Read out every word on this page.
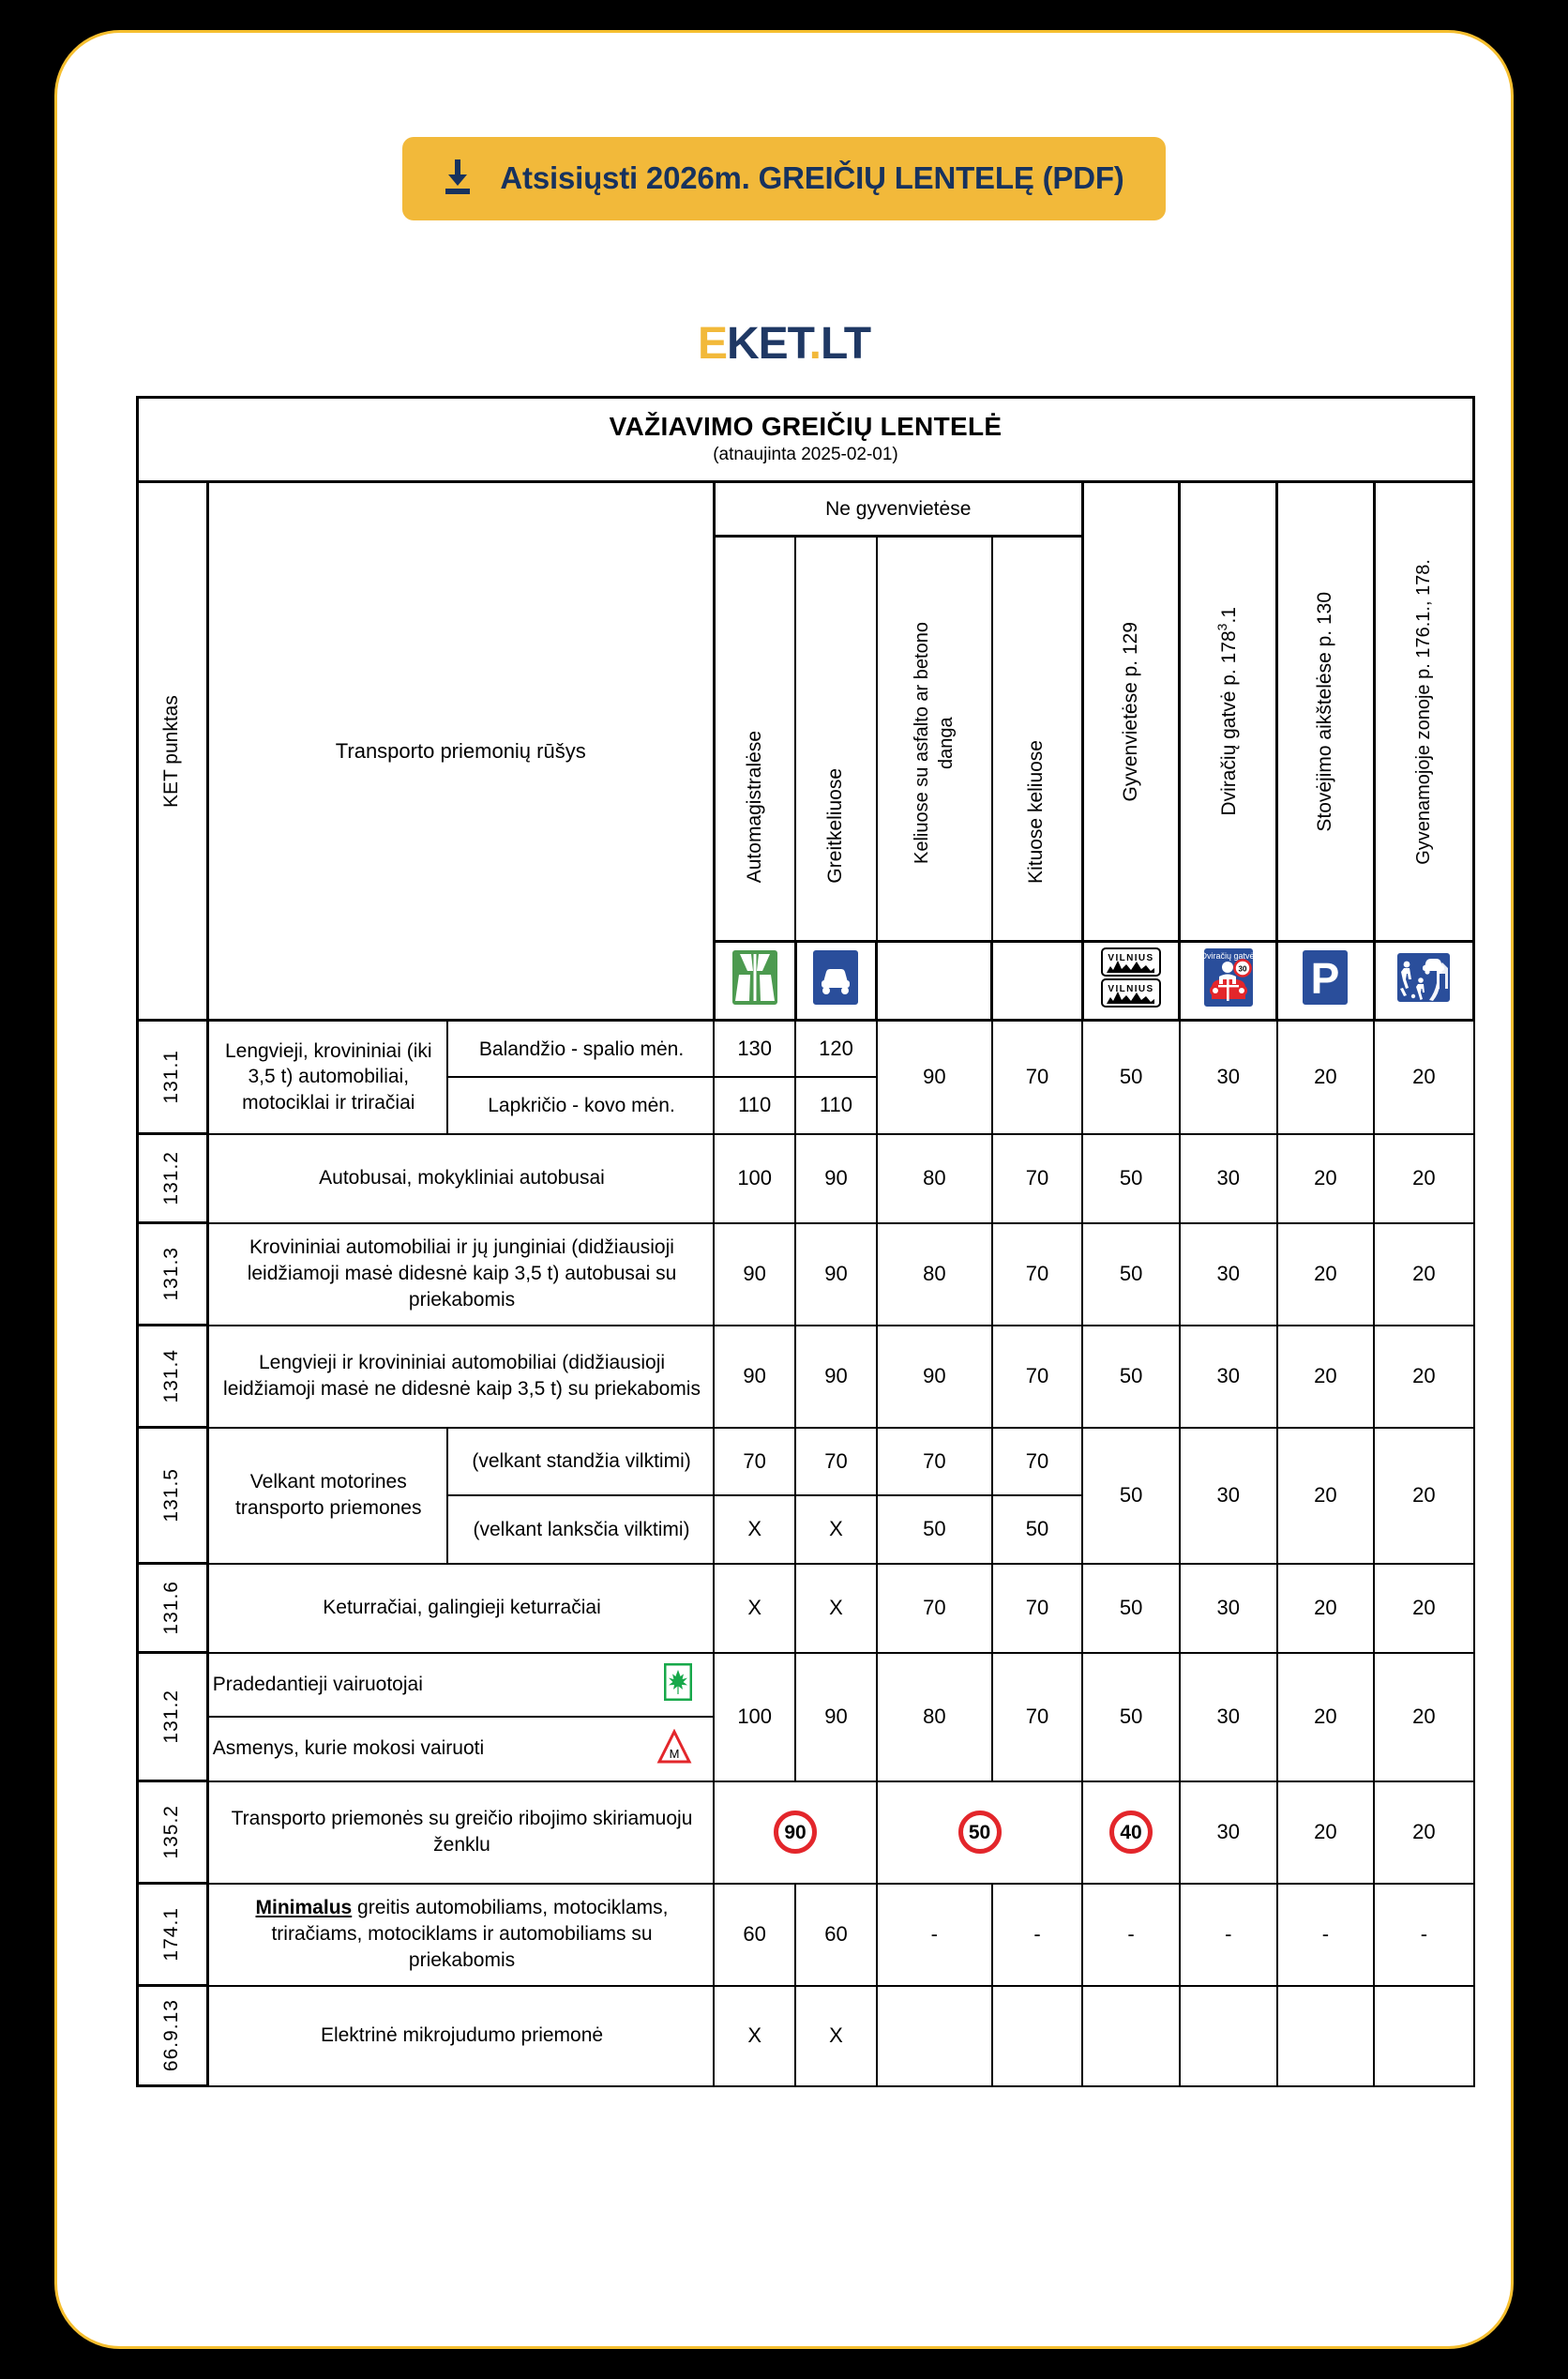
Atsisiųsti 2026m. GREIČIŲ LENTELĘ (PDF)
EKET.LT
VAŽIAVIMO GREIČIŲ LENTELĖ
(atnaujinta 2025-02-01)										

KET punktas	Transporto priemonių rūšys		Ne gyvenvietėse				Gyvenvietėse p. 129	Dviračių gatvė p. $178^3.1$	Stovėjimo aikštelėse p. 130	Gyvenamojoje zonoje p. 176.1., 178.

			Automagistralėse	Greitkeliuose	Keliuose su asfalto ar betono danga	Kituose keliuose				

VILNIUS
VILNIUS	Dviračių gatvė
30	P

131.1	Lengvieji, krovininiai (iki 3,5 t) automobiliai, motociklai ir triračiai	Balandžio - spalio mėn.	130	120	90	70	50	30	20	20
		Lapkričio - kovo mėn.	110	110						

131.2	Autobusai, mokykliniai autobusai		100	90	80	70	50	30	20	20

131.3	Krovininiai automobiliai ir jų junginiai (didžiausioji leidžiamoji masė didesnė kaip 3,5 t) autobusai su priekabomis		90	90	80	70	50	30	20	20

131.4	Lengvieji ir krovininiai automobiliai (didžiausioji leidžiamoji masė ne didesnė kaip 3,5 t) su priekabomis		90	90	90	70	50	30	20	20

131.5	Velkant motorines transporto priemones	(velkant standžia vilktimi)	70	70	70	70	50	30	20	20
		(velkant lanksčia vilktimi)	X	X	50	50				

131.6	Keturračiai, galingieji keturračiai		X	X	70	70	50	30	20	20

131.2	Pradedantieji vairuotojai		100	90	80	70	50	30	20	20

	Asmenys, kurie mokosi vairuoti M									

135.2	Transporto priemonės su greičio ribojimo skiriamuoju ženklu		90		50		40	30	20	20

174.1	Minimalus greitis automobiliams, motociklams, triračiams, motociklams ir automobiliams su priekabomis		60	60	-	-	-	-	-	-

66.9.13	Elektrinė mikrojudumo priemonė		X	X						
